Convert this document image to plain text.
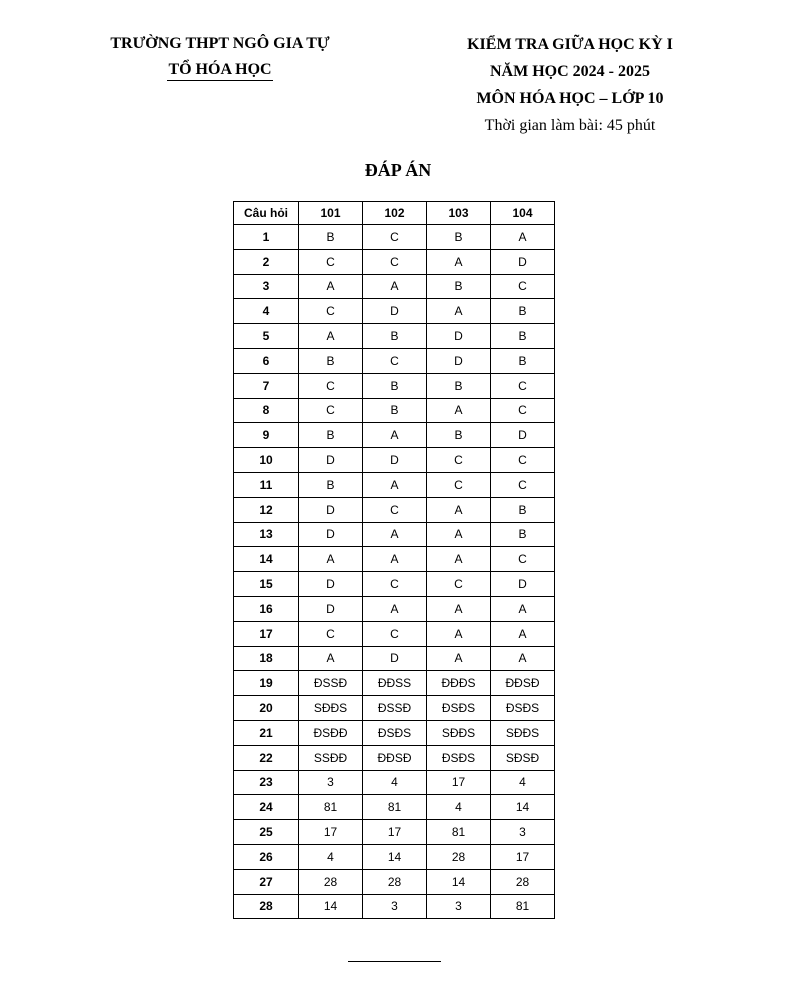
TRƯỜNG THPT NGÔ GIA TỰ
TỔ HÓA HỌC
KIỂM TRA GIỮA HỌC KỲ I
NĂM HỌC 2024 - 2025
MÔN HÓA HỌC – LỚP 10
Thời gian làm bài: 45 phút
ĐÁP ÁN
Câu hỏi	101	102	103	104
1	B	C	B	A
2	C	C	A	D
3	A	A	B	C
4	C	D	A	B
5	A	B	D	B
6	B	C	D	B
7	C	B	B	C
8	C	B	A	C
9	B	A	B	D
10	D	D	C	C
11	B	A	C	C
12	D	C	A	B
13	D	A	A	B
14	A	A	A	C
15	D	C	C	D
16	D	A	A	A
17	C	C	A	A
18	A	D	A	A
19	ĐSSĐ	ĐĐSS	ĐĐĐS	ĐĐSĐ
20	SĐĐS	ĐSSĐ	ĐSĐS	ĐSĐS
21	ĐSĐĐ	ĐSĐS	SĐĐS	SĐĐS
22	SSĐĐ	ĐĐSĐ	ĐSĐS	SĐSĐ
23	3	4	17	4
24	81	81	4	14
25	17	17	81	3
26	4	14	28	17
27	28	28	14	28
28	14	3	3	81
